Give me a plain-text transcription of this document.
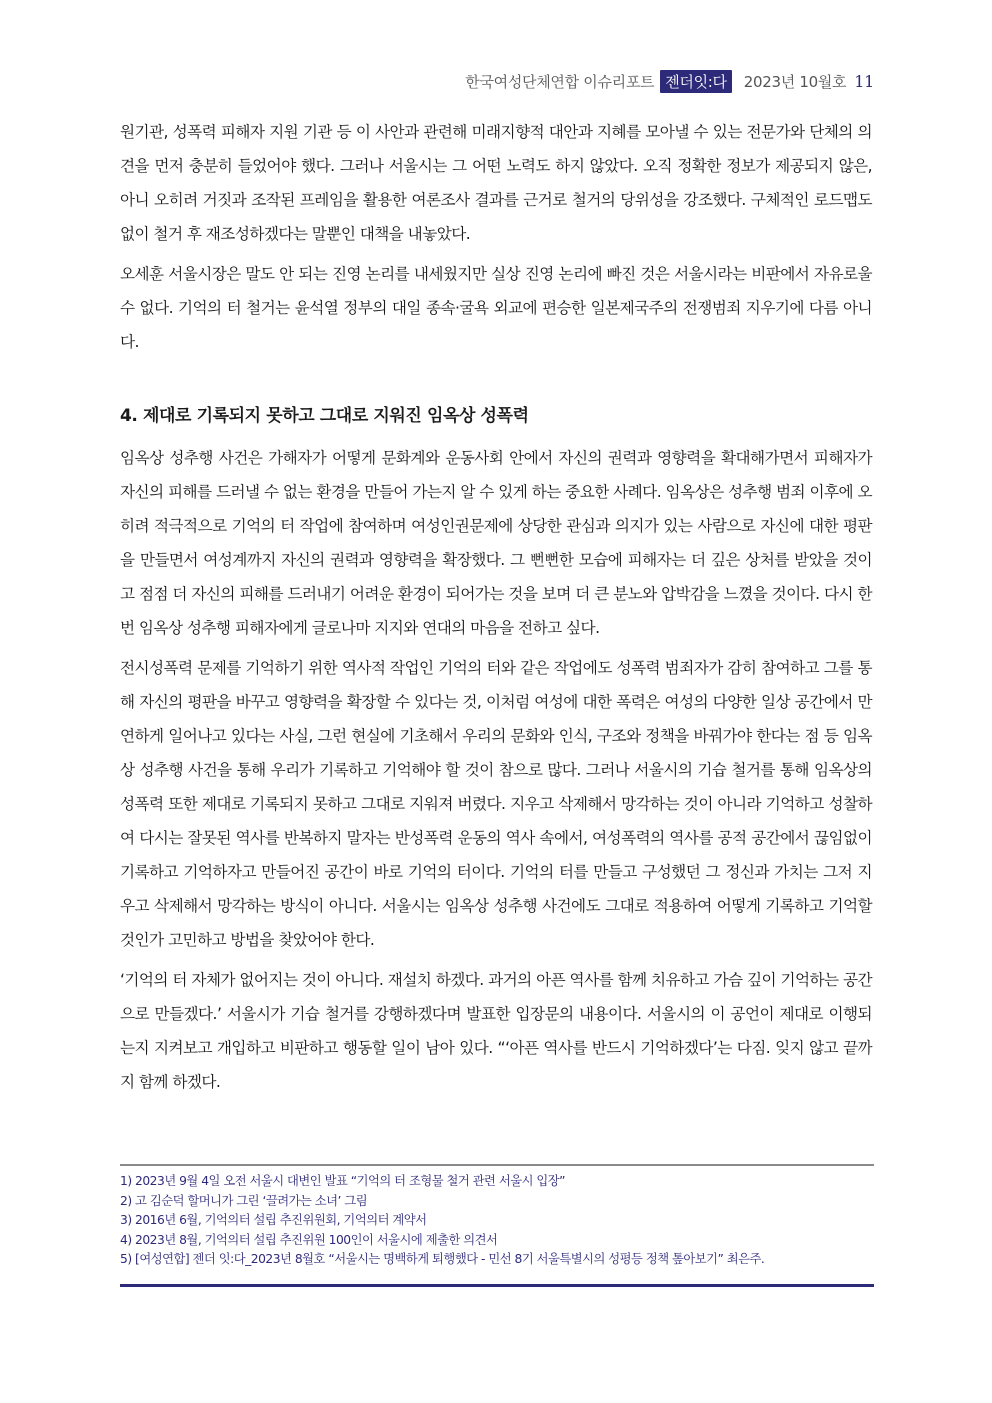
한국여성단체연합 이슈리포트 젠더잇:다	2023년 10월호 11

원기관, 성폭력 피해자 지원 기관 등 이 사안과 관련해 미래지향적 대안과 지혜를 모아낼 수 있는 전문가와 단체의 의견을 먼저 충분히 들었어야 했다. 그러나 서울시는 그 어떤 노력도 하지 않았다. 오직 정확한 정보가 제공되지 않은, 아니 오히려 거짓과 조작된 프레임을 활용한 여론조사 결과를 근거로 철거의 당위성을 강조했다. 구체적인 로드맵도 없이 철거 후 재조성하겠다는 말뿐인 대책을 내놓았다.

오세훈 서울시장은 말도 안 되는 진영 논리를 내세웠지만 실상 진영 논리에 빠진 것은 서울시라는 비판에서 자유로울 수 없다. 기억의 터 철거는 윤석열 정부의 대일 종속·굴욕 외교에 편승한 일본제국주의 전쟁범죄 지우기에 다름 아니다.

4. 제대로 기록되지 못하고 그대로 지워진 임옥상 성폭력

임옥상 성추행 사건은 가해자가 어떻게 문화계와 운동사회 안에서 자신의 권력과 영향력을 확대해가면서 피해자가 자신의 피해를 드러낼 수 없는 환경을 만들어 가는지 알 수 있게 하는 중요한 사례다. 임옥상은 성추행 범죄 이후에 오히려 적극적으로 기억의 터 작업에 참여하며 여성인권문제에 상당한 관심과 의지가 있는 사람으로 자신에 대한 평판을 만들면서 여성계까지 자신의 권력과 영향력을 확장했다. 그 뻔뻔한 모습에 피해자는 더 깊은 상처를 받았을 것이고 점점 더 자신의 피해를 드러내기 어려운 환경이 되어가는 것을 보며 더 큰 분노와 압박감을 느꼈을 것이다. 다시 한 번 임옥상 성추행 피해자에게 글로나마 지지와 연대의 마음을 전하고 싶다.

전시성폭력 문제를 기억하기 위한 역사적 작업인 기억의 터와 같은 작업에도 성폭력 범죄자가 감히 참여하고 그를 통해 자신의 평판을 바꾸고 영향력을 확장할 수 있다는 것, 이처럼 여성에 대한 폭력은 여성의 다양한 일상 공간에서 만연하게 일어나고 있다는 사실, 그런 현실에 기초해서 우리의 문화와 인식, 구조와 정책을 바꿔가야 한다는 점 등 임옥상 성추행 사건을 통해 우리가 기록하고 기억해야 할 것이 참으로 많다. 그러나 서울시의 기습 철거를 통해 임옥상의 성폭력 또한 제대로 기록되지 못하고 그대로 지워져 버렸다. 지우고 삭제해서 망각하는 것이 아니라 기억하고 성찰하여 다시는 잘못된 역사를 반복하지 말자는 반성폭력 운동의 역사 속에서, 여성폭력의 역사를 공적 공간에서 끊임없이 기록하고 기억하자고 만들어진 공간이 바로 기억의 터이다. 기억의 터를 만들고 구성했던 그 정신과 가치는 그저 지우고 삭제해서 망각하는 방식이 아니다. 서울시는 임옥상 성추행 사건에도 그대로 적용하여 어떻게 기록하고 기억할 것인가 고민하고 방법을 찾았어야 한다.

‘기억의 터 자체가 없어지는 것이 아니다. 재설치 하겠다. 과거의 아픈 역사를 함께 치유하고 가슴 깊이 기억하는 공간으로 만들겠다.’ 서울시가 기습 철거를 강행하겠다며 발표한 입장문의 내용이다. 서울시의 이 공언이 제대로 이행되는지 지켜보고 개입하고 비판하고 행동할 일이 남아 있다. “‘아픈 역사를 반드시 기억하겠다’는 다짐. 잊지 않고 끝까지 함께 하겠다.

1) 2023년 9월 4일 오전 서울시 대변인 발표 “기억의 터 조형물 철거 관련 서울시 입장”
2) 고 김순덕 할머니가 그린 ‘끌려가는 소녀’ 그림
3) 2016년 6월, 기억의터 설립 추진위원회, 기억의터 계약서
4) 2023년 8월, 기억의터 설립 추진위원 100인이 서울시에 제출한 의견서
5) [여성연합] 젠더 잇:다_2023년 8월호 “서울시는 명백하게 퇴행했다 - 민선 8기 서울특별시의 성평등 정책 톺아보기” 최은주.
